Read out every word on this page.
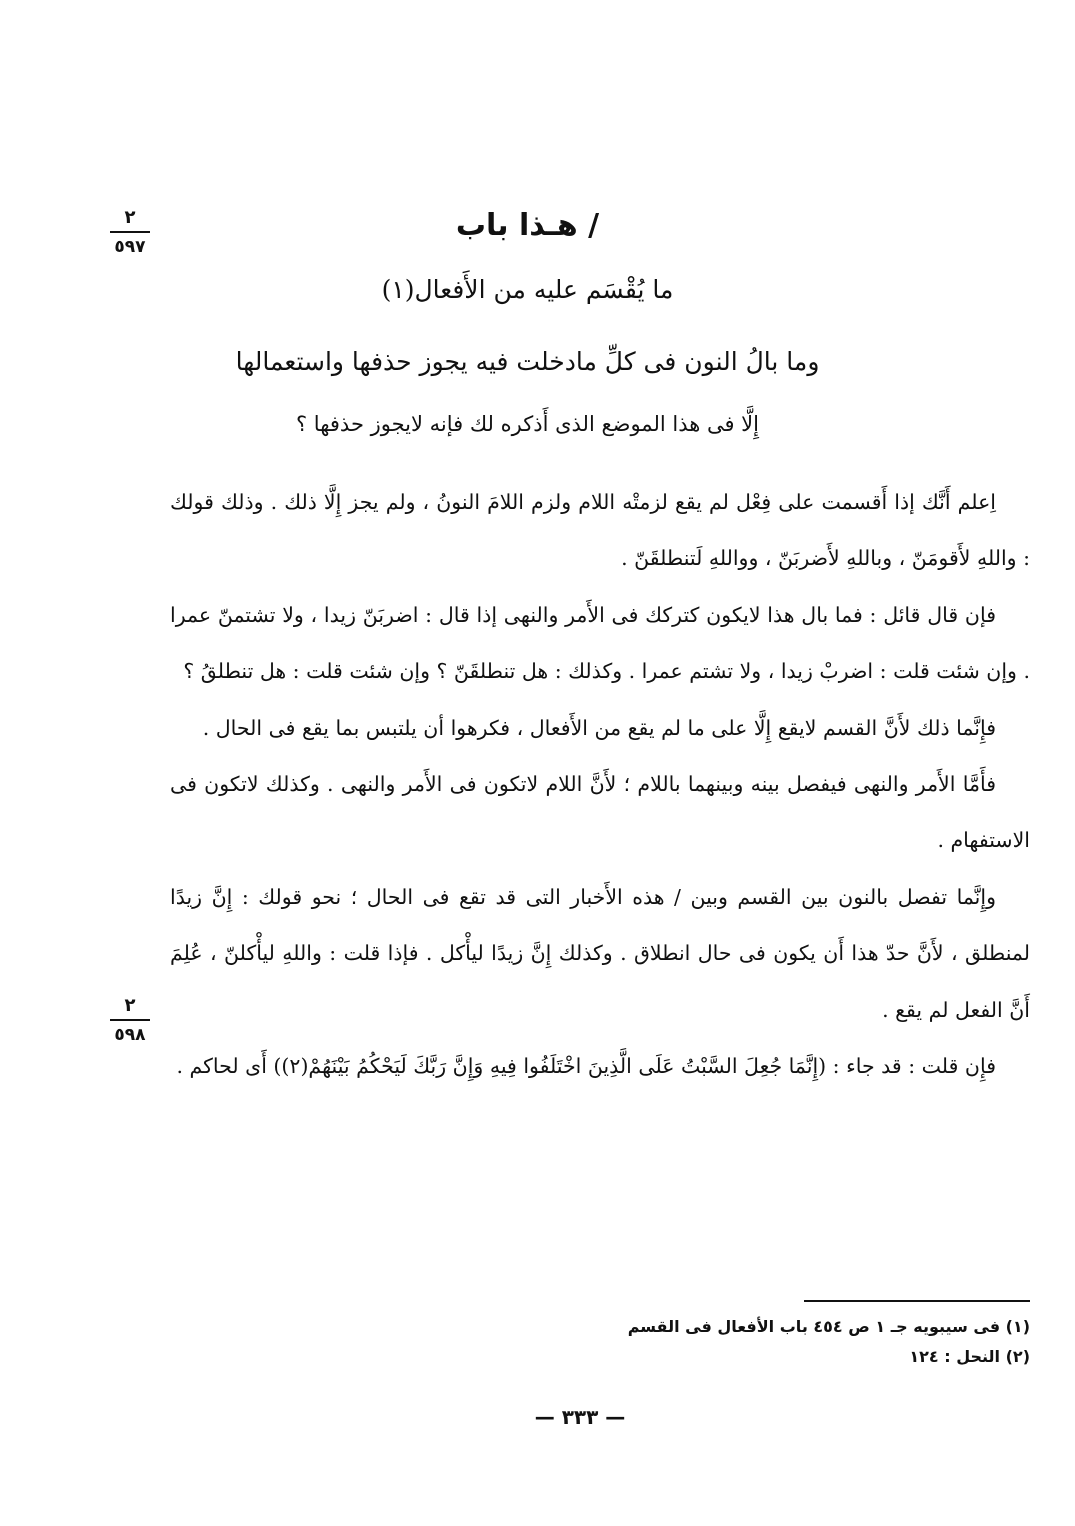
٢
٥٩٧
٢
٥٩٨
/ هـذا باب
ما يُقْسَم عليه من الأَفعال(١)
وما بالُ النون فى كلِّ مادخلت فيه يجوز حذفها واستعمالها
إِلَّا فى هذا الموضع الذى أَذكره لك فإنه لايجوز حذفها ؟

اِعلم أَنَّك إذا أَقسمت على فِعْل لم يقع لزمتْه اللام ولزم اللامَ النونُ ، ولم يجز إِلَّا ذلك . وذلك قولك : واللهِ لأَقومَنّ ، وباللهِ لأَضربَنّ ، وواللهِ لَتنطلقَنّ .

فإن قال قائل : فما بال هذا لايكون كتركك فى الأَمر والنهى إذا قال : اضربَنّ زيدا ، ولا تشتمنّ عمرا . وإن شئت قلت : اضربْ زيدا ، ولا تشتم عمرا . وكذلك : هل تنطلقَنّ ؟ وإن شئت قلت : هل تنطلقُ ؟

فإِنَّما ذلك لأَنَّ القسم لايقع إِلَّا على ما لم يقع من الأَفعال ، فكرهوا أن يلتبس بما يقع فى الحال .

فأَمَّا الأَمر والنهى فيفصل بينه وبينهما باللام ؛ لأَنَّ اللام لاتكون فى الأَمر والنهى . وكذلك لاتكون فى الاستفهام .

وإِنَّما تفصل بالنون بين القسم وبين / هذه الأَخبار التى قد تقع فى الحال ؛ نحو قولك : إِنَّ زيدًا لمنطلق ، لأَنَّ حدّ هذا أَن يكون فى حال انطلاق . وكذلك إِنَّ زيدًا ليأْكل . فإذا قلت : واللهِ ليأْكلنّ ، عُلِمَ أَنَّ الفعل لم يقع .

فإِن قلت : قد جاء : (إِنَّمَا جُعِلَ السَّبْتُ عَلَى الَّذِينَ اخْتَلَفُوا فِيهِ وَإِنَّ رَبَّكَ لَيَحْكُمُ بَيْنَهُمْ(٢)) أَى لحاكم .

(١) فى سيبويه جـ ١ ص ٤٥٤ باب الأفعال فى القسم

(٢) النحل : ١٢٤

— ٣٣٣ —
